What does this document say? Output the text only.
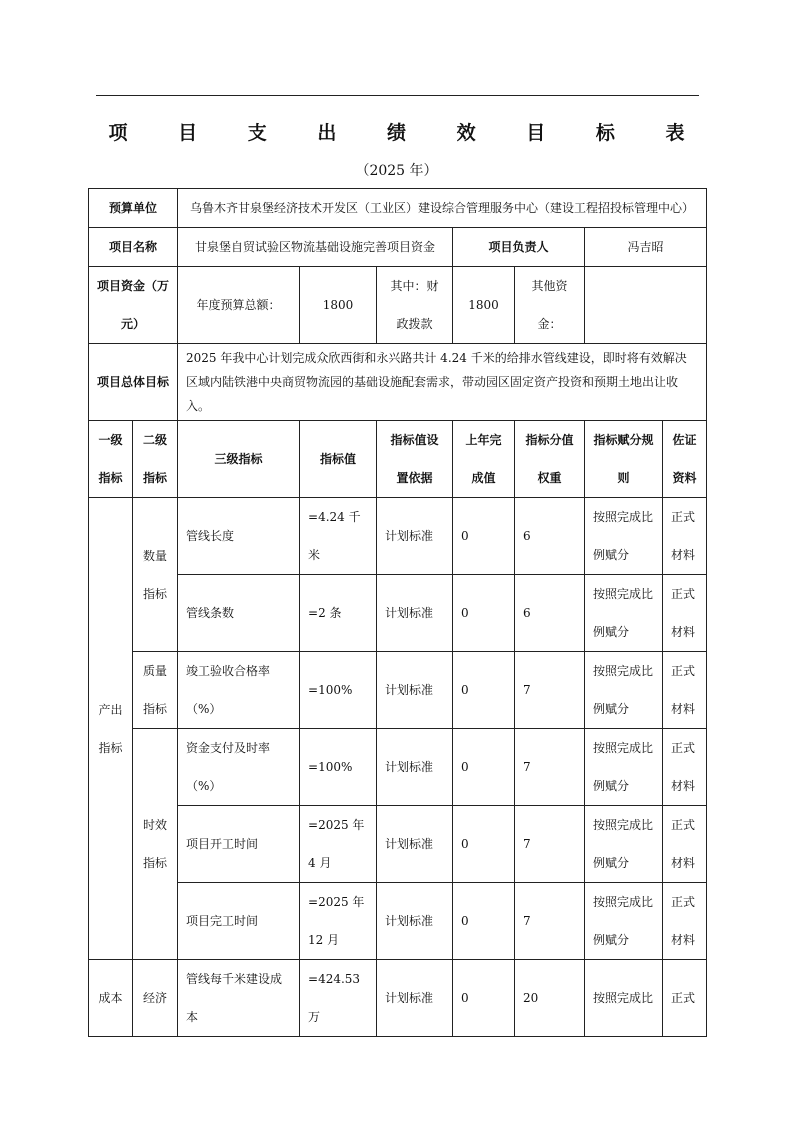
项 目 支 出 绩 效 目 标 表
（2025 年）
预算单位		乌鲁木齐甘泉堡经济技术开发区（工业区）建设综合管理服务中心（建设工程招投标管理中心）						
项目名称		甘泉堡自贸试验区物流基础设施完善项目资金			项目负责人		冯吉昭	
项目资金（万元）		年度预算总额：	1800	其中：财政拨款	1800	其他资金：		
项目总体目标		2025 年我中心计划完成众欣西街和永兴路共计 4.24 千米的给排水管线建设，即时将有效解决区域内陆铁港中央商贸物流园的基础设施配套需求，带动园区固定资产投资和预期土地出让收入。						
一级指标	二级指标	三级指标	指标值	指标值设置依据	上年完成值	指标分值权重	指标赋分规则	佐证资料
产出指标	数量指标	管线长度	=4.24 千米	计划标准	0	6	按照完成比例赋分	正式材料
		管线条数	=2 条	计划标准	0	6	按照完成比例赋分	正式材料
	质量指标	竣工验收合格率（%）	=100%	计划标准	0	7	按照完成比例赋分	正式材料
	时效指标	资金支付及时率（%）	=100%	计划标准	0	7	按照完成比例赋分	正式材料
		项目开工时间	=2025 年 4 月	计划标准	0	7	按照完成比例赋分	正式材料
		项目完工时间	=2025 年 12 月	计划标准	0	7	按照完成比例赋分	正式材料
成本	经济	管线每千米建设成本	=424.53 万	计划标准	0	20	按照完成比	正式
